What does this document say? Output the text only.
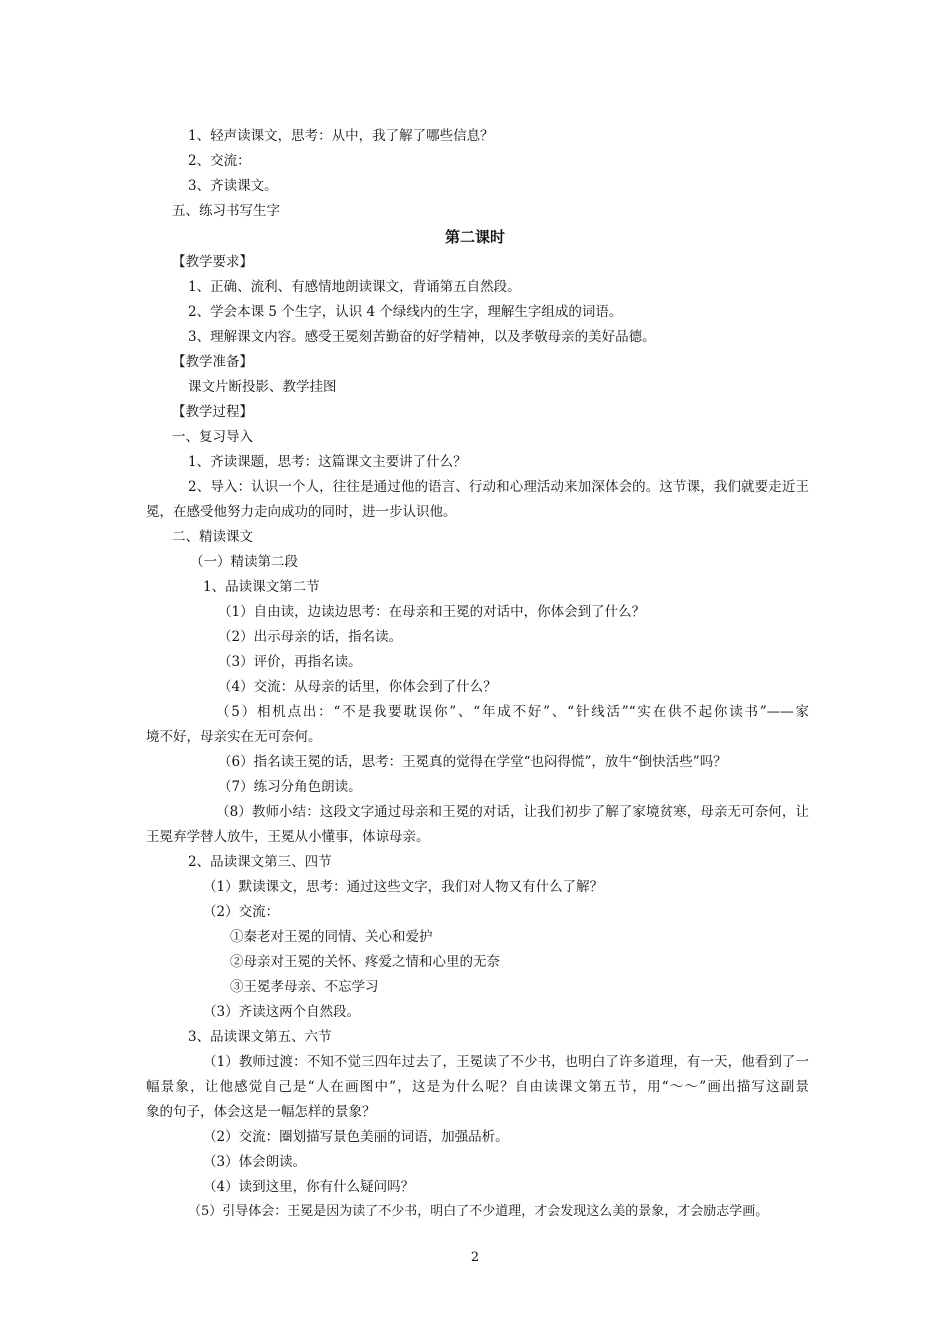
1、轻声读课文，思考：从中，我了解了哪些信息？
2、交流：
3、齐读课文。
五、练习书写生字
第二课时
【教学要求】
1、正确、流利、有感情地朗读课文，背诵第五自然段。
2、学会本课 5 个生字，认识 4 个绿线内的生字，理解生字组成的词语。
3、理解课文内容。感受王冕刻苦勤奋的好学精神，以及孝敬母亲的美好品德。
【教学准备】
课文片断投影、教学挂图
【教学过程】
一、复习导入
1、齐读课题，思考：这篇课文主要讲了什么？
2、导入：认识一个人，往往是通过他的语言、行动和心理活动来加深体会的。这节课，我们就要走近王
冕，在感受他努力走向成功的同时，进一步认识他。
二、精读课文
（一）精读第二段
1、品读课文第二节
（1）自由读，边读边思考：在母亲和王冕的对话中，你体会到了什么？
（2）出示母亲的话，指名读。
（3）评价，再指名读。
（4）交流：从母亲的话里，你体会到了什么？
（5）相机点出：“不是我要耽误你”、“年成不好”、“针线活”“实在供不起你读书”——家
境不好，母亲实在无可奈何。
（6）指名读王冕的话，思考：王冕真的觉得在学堂“也闷得慌”，放牛“倒快活些”吗？
（7）练习分角色朗读。
（8）教师小结：这段文字通过母亲和王冕的对话，让我们初步了解了家境贫寒，母亲无可奈何，让
王冕弃学替人放牛，王冕从小懂事，体谅母亲。
2、品读课文第三、四节
（1）默读课文，思考：通过这些文字，我们对人物又有什么了解？
（2）交流：
①秦老对王冕的同情、关心和爱护
②母亲对王冕的关怀、疼爱之情和心里的无奈
③王冕孝母亲、不忘学习
（3）齐读这两个自然段。
3、品读课文第五、六节
（1）教师过渡：不知不觉三四年过去了，王冕读了不少书，也明白了许多道理，有一天，他看到了一
幅景象，让他感觉自己是“人在画图中”，这是为什么呢？自由读课文第五节，用“～～”画出描写这副景
象的句子，体会这是一幅怎样的景象？
（2）交流：圈划描写景色美丽的词语，加强品析。
（3）体会朗读。
（4）读到这里，你有什么疑问吗？
（5）引导体会：王冕是因为读了不少书，明白了不少道理，才会发现这么美的景象，才会励志学画。
2
